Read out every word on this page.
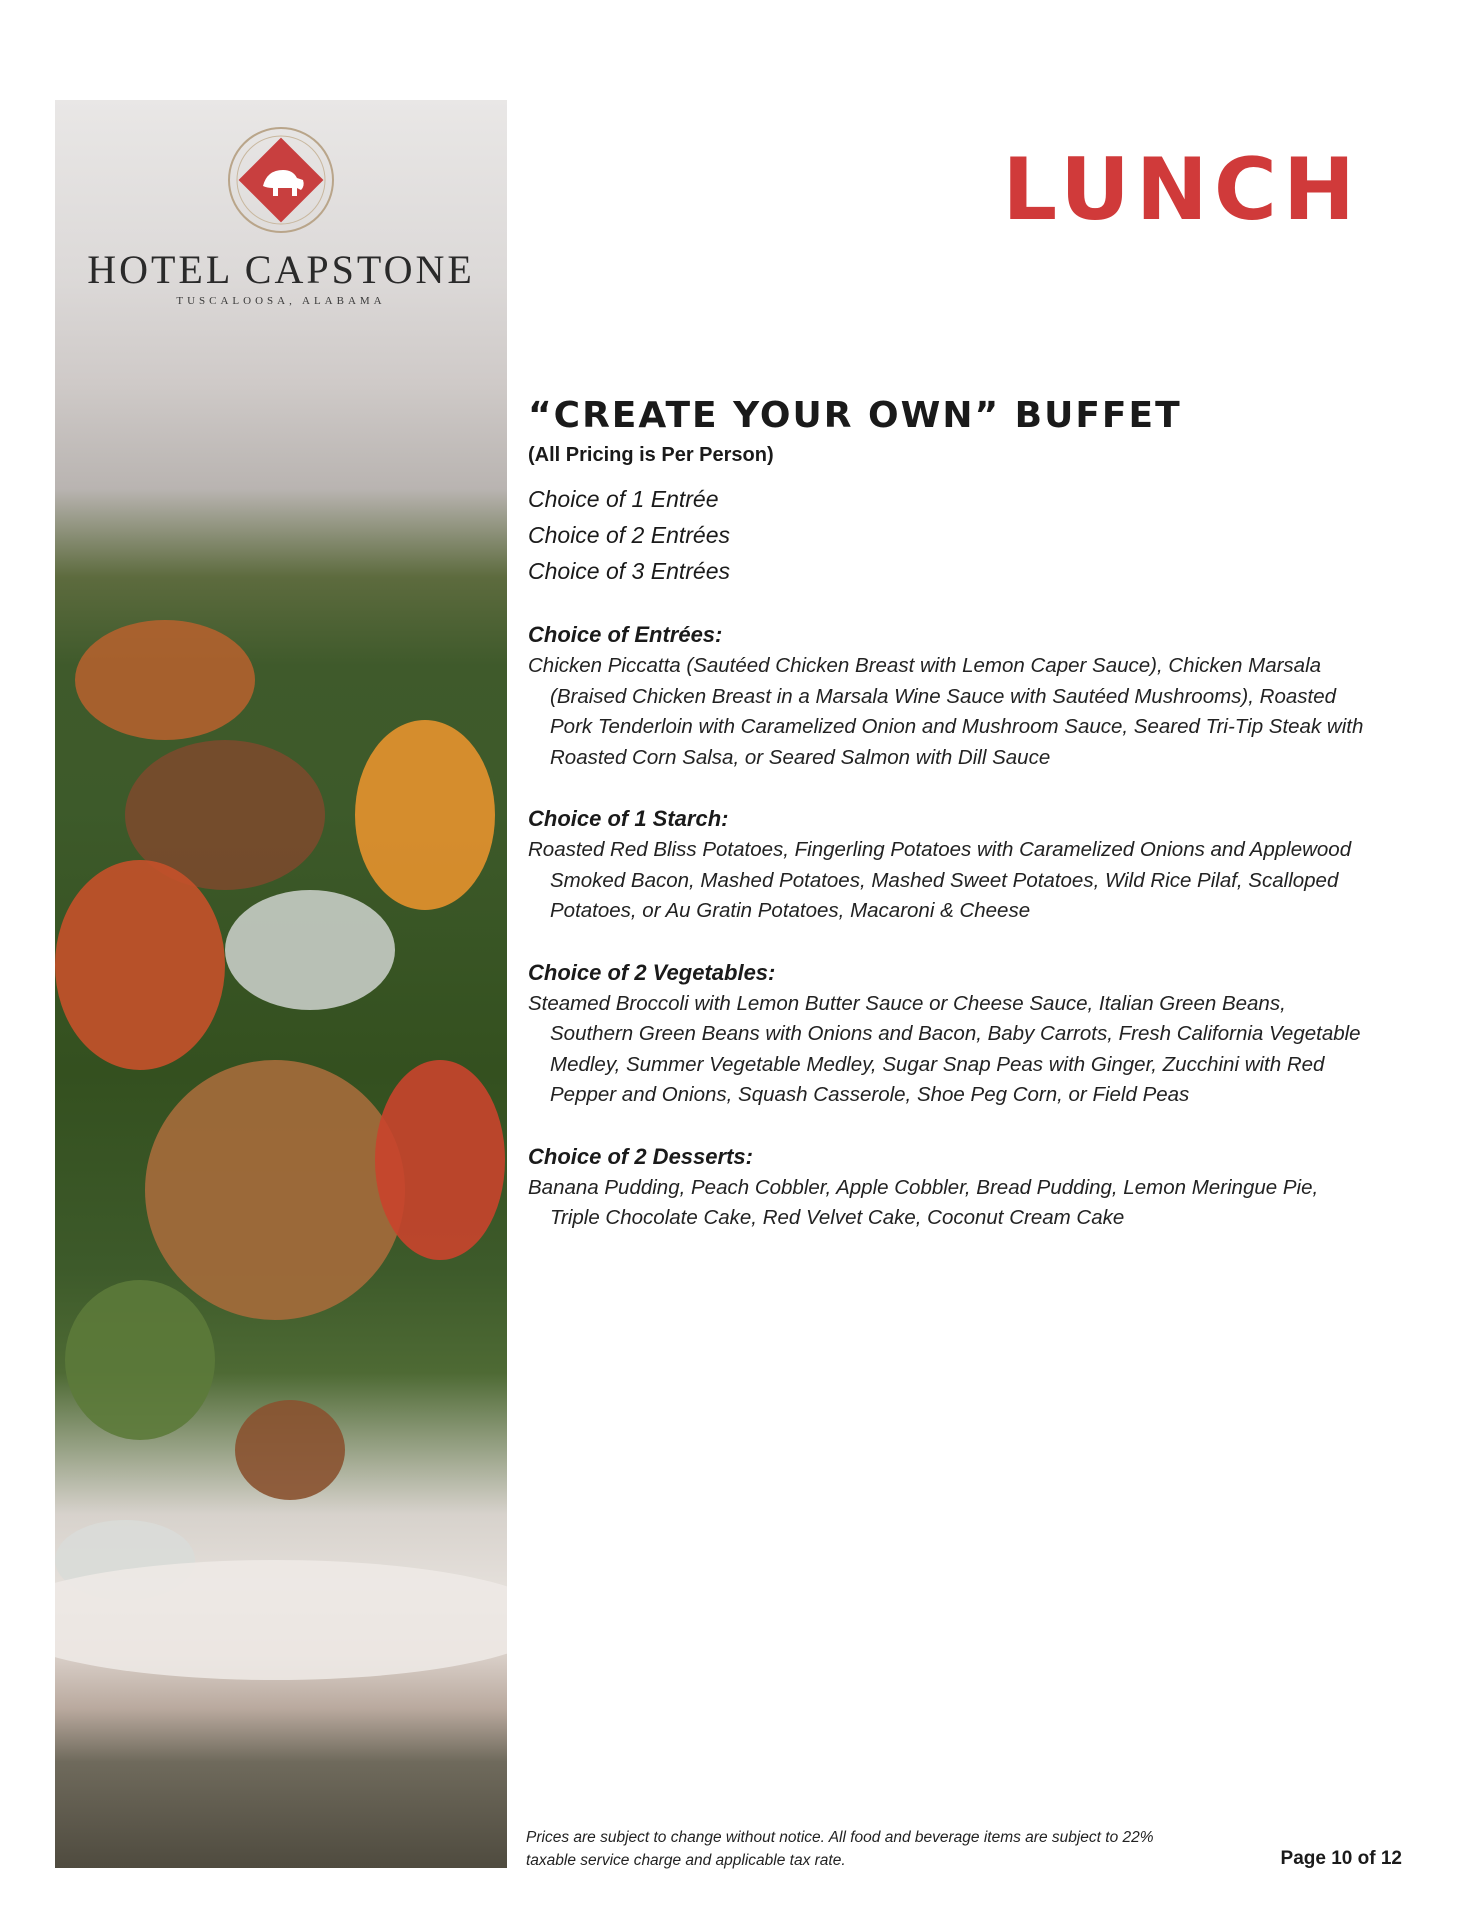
HOTEL CAPSTONE
TUSCALOOSA, ALABAMA
LUNCH
“CREATE YOUR OWN” BUFFET
(All Pricing is Per Person)
Choice of 1 Entrée
Choice of 2 Entrées
Choice of 3 Entrées
Choice of Entrées:
Chicken Piccatta (Sautéed Chicken Breast with Lemon Caper Sauce), Chicken Marsala (Braised Chicken Breast in a Marsala Wine Sauce with Sautéed Mushrooms), Roasted Pork Tenderloin with Caramelized Onion and Mushroom Sauce, Seared Tri-Tip Steak with Roasted Corn Salsa, or Seared Salmon with Dill Sauce
Choice of 1 Starch:
Roasted Red Bliss Potatoes, Fingerling Potatoes with Caramelized Onions and Applewood Smoked Bacon, Mashed Potatoes, Mashed Sweet Potatoes, Wild Rice Pilaf, Scalloped Potatoes, or Au Gratin Potatoes, Macaroni & Cheese
Choice of 2 Vegetables:
Steamed Broccoli with Lemon Butter Sauce or Cheese Sauce, Italian Green Beans, Southern Green Beans with Onions and Bacon, Baby Carrots, Fresh California Vegetable Medley, Summer Vegetable Medley, Sugar Snap Peas with Ginger, Zucchini with Red Pepper and Onions, Squash Casserole, Shoe Peg Corn, or Field Peas
Choice of 2 Desserts:
Banana Pudding, Peach Cobbler, Apple Cobbler, Bread Pudding, Lemon Meringue Pie, Triple Chocolate Cake, Red Velvet Cake, Coconut Cream Cake
Prices are subject to change without notice. All food and beverage items are subject to 22% taxable service charge and applicable tax rate.	Page 10 of 12
